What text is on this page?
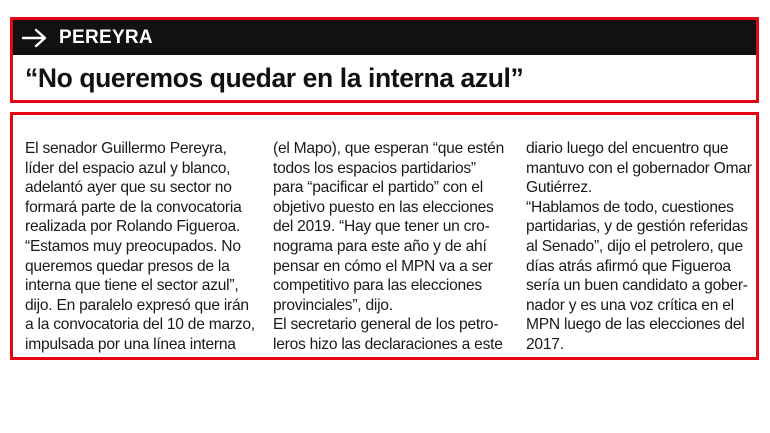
PEREYRA
“No queremos quedar en la interna azul”
El senador Guillermo Pereyra,
líder del espacio azul y blanco,
adelantó ayer que su sector no
formará parte de la convocatoria
realizada por Rolando Figueroa.
“Estamos muy preocupados. No
queremos quedar presos de la
interna que tiene el sector azul”,
dijo. En paralelo expresó que irán
a la convocatoria del 10 de marzo,
impulsada por una línea interna
(el Mapo), que esperan “que estén
todos los espacios partidarios”
para “pacificar el partido” con el
objetivo puesto en las elecciones
del 2019. “Hay que tener un cro-
nograma para este año y de ahí
pensar en cómo el MPN va a ser
competitivo para las elecciones
provinciales”, dijo.
El secretario general de los petro-
leros hizo las declaraciones a este
diario luego del encuentro que
mantuvo con el gobernador Omar
Gutiérrez.
“Hablamos de todo, cuestiones
partidarias, y de gestión referidas
al Senado”, dijo el petrolero, que
días atrás afirmó que Figueroa
sería un buen candidato a gober-
nador y es una voz crítica en el
MPN luego de las elecciones del
2017.
